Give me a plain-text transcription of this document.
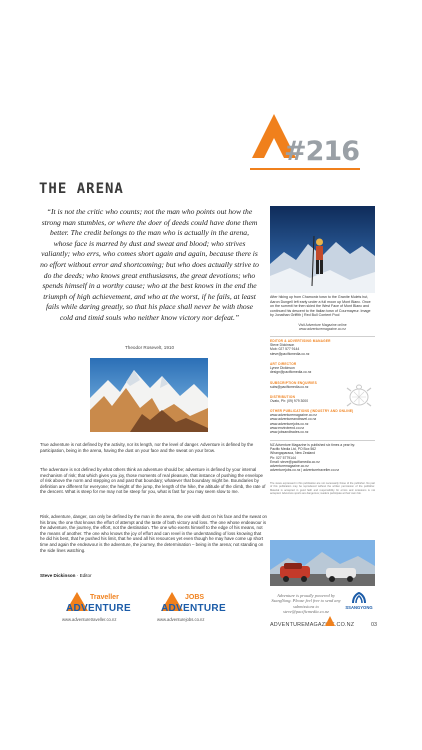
#216
THE ARENA

“It is not the critic who counts; not the man who points out how the strong man stumbles, or where the doer of deeds could have done them better. The credit belongs to the man who is actually in the arena, whose face is marred by dust and sweat and blood; who strives valiantly; who errs, who comes short again and again, because there is no effort without error and shortcoming; but who does actually strive to do the deeds; who knows great enthusiasms, the great devotions; who spends himself in a worthy cause; who at the best knows in the end the triumph of high achievement, and who at the worst, if he fails, at least fails while daring greatly, so that his place shall never be with those cold and timid souls who neither know victory nor defeat.”

Theodor Rosevelt, 1910

True adventure is not defined by the activity, nor its length, nor the level of danger. Adventure is defined by the participation, being in the arena, having the dust on your face and the sweat on your brow.

The adventure is not defined by what others think an adventure should be; adventure is defined by your internal mechanism of risk; that which gives you joy, those moments of real pleasure, that instance of pushing the envelope of risk above the norm and stepping on and past that boundary; whatever that boundary might be. Boundaries by definition are different for everyone; the height of the jump, the length of the hike, the altitude of the climb, the rate of the descent. What is steep for me may not be steep for you, what is fast for you may seem slow to me.

Risk, adventure, danger, can only be defined by the man in the arena, the one with dust on his face and the sweat on his brow, the one that knows the effort of attempt and the taste of both victory and loss. The one whose endeavour is the adventure, the journey, the effort, not the destination. The one who exerts himself to the edge of his means, not the means of another. The one who knows the joy of effort and can revel in the understanding of loss knowing that he did his best, that he pushed his limit, that he used all his resources yet even though he may have come up short time and again the endeavour is the adventure, the journey, the determination – being in the arena; not standing on the side lines watching.

Steve Dickinson · Editor
Traveller
ADVENTURE
www.adventuretraveller.co.nz
JOBS
ADVENTURE
www.adventurejobs.co.nz

After hiking up from Chamonix town to the Granite Mulets hut, Aaron Dungell left early under a full moon up Mont Blanc. Once on the summit he then skied the West Face of Mont Blanc and continued his descent to the Italian town of Courmayeur. Image by Jonathan Griffith | Red Bull Content Pool

Visit Adventure Magazine online
www.adventuremagazine.co.nz

EDITOR & ADVERTISING MANAGER
Steve Dickinson
Mob: 027 577 9144
steve@pacificmedia.co.nz
ART DIRECTOR
Lynne Dickinson
design@pacificmedia.co.nz
SUBSCRIPTION ENQUIRIES
subs@pacificmedia.co.nz
DISTRIBUTION
Ovato, Ph: (09) 979 3000
OTHER PUBLICATIONS (INDUSTRY AND ONLINE)
www.adventuremagazine.co.nz
www.adventureandtravel.co.nz
www.adventurejobs.co.nz
www.envirotrend.co.nz
www.jobsandtrades.co.nz
NZ Adventure Magazine is published six times a year by:
Pacific Media Ltd, PO Box 562
Whangaparaoa, New Zealand
Ph: 027 5779144
Email: steve@pacificmedia.co.nz
adventuremagazine.co.nz
adventurejobs.co.nz | adventuretraveller.co.nz

The views expressed in this publication are not necessarily those of the publisher. No part of this publication may be reproduced without the written permission of the publisher. Material is accepted in good faith and responsibility for errors and omissions is not accepted. Adventure sports are dangerous; readers participate at their own risk.

Adventure is proudly powered by SsangYong. Please feel free to send any submissions to steve@pacificmedia.co.nz

SSANGYONG
ADVENTUREMAGAZINE.CO.NZ	03
